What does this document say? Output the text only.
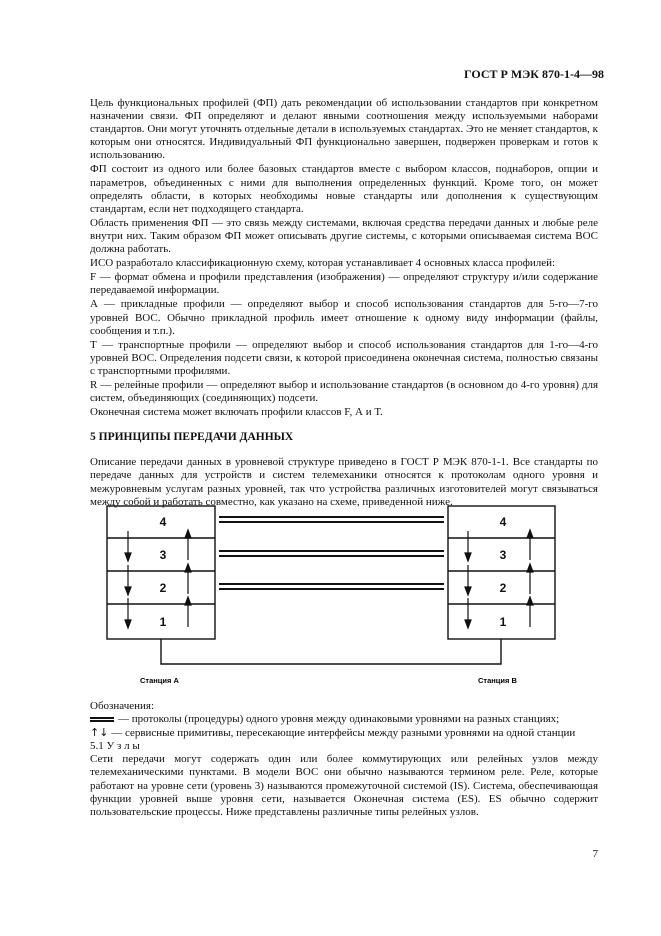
ГОСТ Р МЭК 870-1-4—98

Цель функциональных профилей (ФП) дать рекомендации об использовании стандартов при конкретном назначении связи. ФП определяют и делают явными соотношения между используемыми наборами стандартов. Они могут уточнять отдельные детали в используемых стандартах. Это не меняет стандартов, к которым они относятся. Индивидуальный ФП функционально завершен, подвержен проверкам и готов к использованию.

ФП состоит из одного или более базовых стандартов вместе с выбором классов, поднаборов, опции и параметров, объединенных с ними для выполнения определенных функций. Кроме того, он может определять области, в которых необходимы новые стандарты или дополнения к существующим стандартам, если нет подходящего стандарта.

Область применения ФП — это связь между системами, включая средства передачи данных и любые реле внутри них. Таким образом ФП может описывать другие системы, с которыми описываемая система ВОС должна работать.

ИСО разработало классификационную схему, которая устанавливает 4 основных класса профилей:

F — формат обмена и профили представления (изображения) — определяют структуру и/или содержание передаваемой информации.

А — прикладные профили — определяют выбор и способ использования стандартов для 5-го—7-го уровней ВОС. Обычно прикладной профиль имеет отношение к одному виду информации (файлы, сообщения и т.п.).

Т — транспортные профили — определяют выбор и способ использования стандартов для 1-го—4-го уровней ВОС. Определения подсети связи, к которой присоединена оконечная система, полностью связаны с транспортными профилями.

R — релейные профили — определяют выбор и использование стандартов (в основном до 4-го уровня) для систем, объединяющих (соединяющих) подсети.

Оконечная система может включать профили классов F, А и Т.

5 ПРИНЦИПЫ ПЕРЕДАЧИ ДАННЫХ

Описание передачи данных в уровневой структуре приведено в ГОСТ Р МЭК 870-1-1. Все стандарты по передаче данных для устройств и систем телемеханики относятся к протоколам одного уровня и межуровневым услугам разных уровней, так что устройства различных изготовителей могут связываться между собой и работать совместно, как указано на схеме, приведенной ниже.

4
3
2
1
4
3
2
1
Станция А	Станция В

Обозначения:

— протоколы (процедуры) одного уровня между одинаковыми уровнями на разных станциях;

↑↓ — сервисные примитивы, пересекающие интерфейсы между разными уровнями на одной станции

5.1 У з л ы

Сети передачи могут содержать один или более коммутирующих или релейных узлов между телемеханическими пунктами. В модели ВОС они обычно называются термином реле. Реле, которые работают на уровне сети (уровень 3) называются промежуточной системой (IS). Система, обеспечивающая функции уровней выше уровня сети, называется Оконечная система (ES). ES обычно содержит пользовательские процессы. Ниже представлены различные типы релейных узлов.

7
